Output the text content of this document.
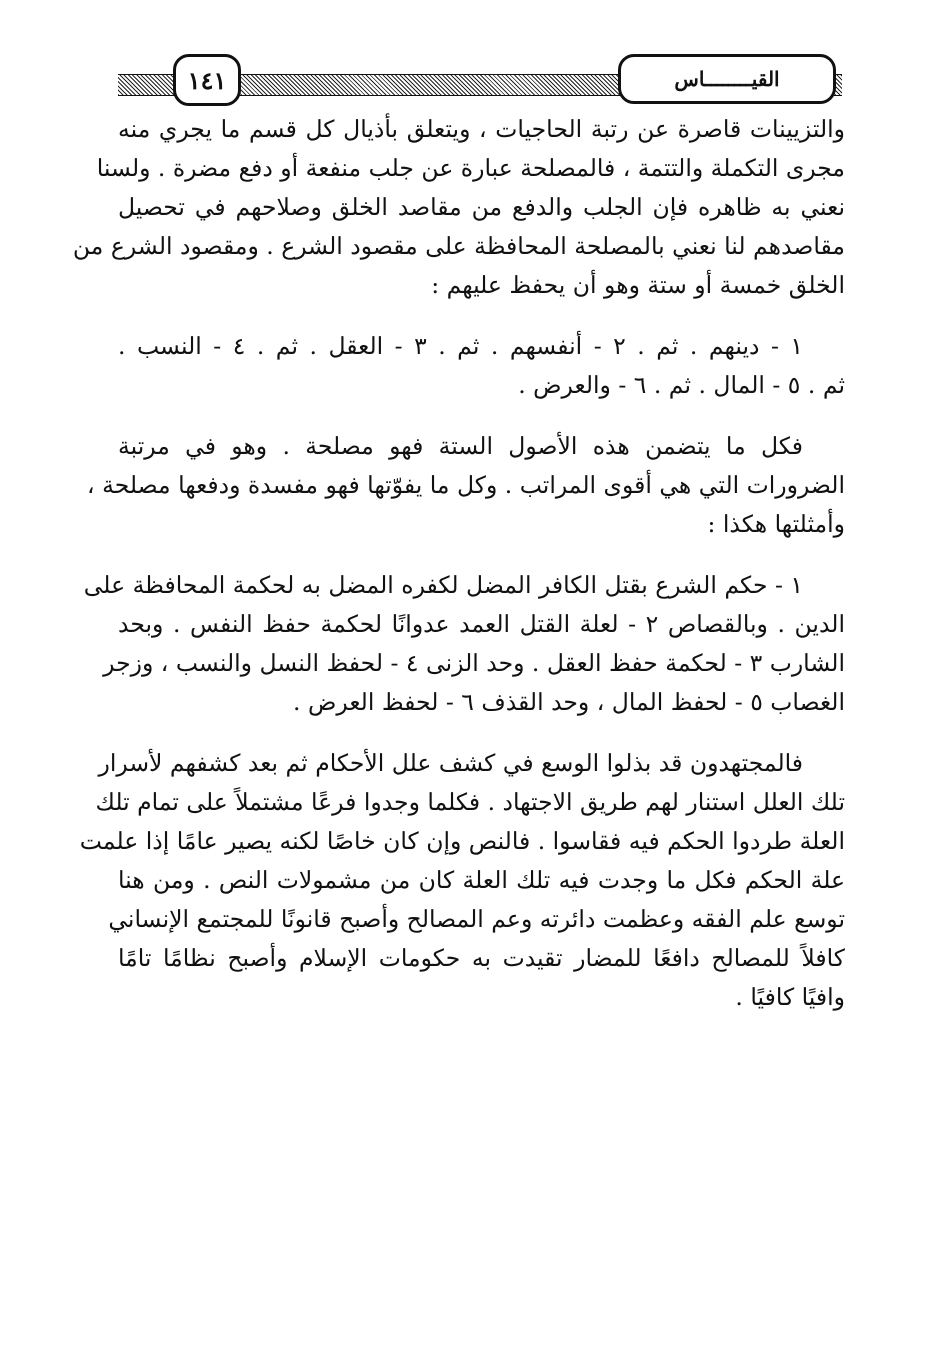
١٤١	القيــــــــاس
والتزيينات قاصرة عن رتبة الحاجيات ، ويتعلق بأذيال كل قسم ما يجري منه
مجرى التكملة والتتمة ، فالمصلحة عبارة عن جلب منفعة أو دفع مضرة . ولسنا
نعني به ظاهره فإن الجلب والدفع من مقاصد الخلق وصلاحهم في تحصيل
مقاصدهم لنا نعني بالمصلحة المحافظة على مقصود الشرع . ومقصود الشرع من
الخلق خمسة أو ستة وهو أن يحفظ عليهم :
١ - دينهم . ثم . ٢ - أنفسهم . ثم . ٣ - العقل . ثم . ٤ - النسب .
ثم . ٥ - المال . ثم . ٦ - والعرض .
فكل ما يتضمن هذه الأصول الستة فهو مصلحة . وهو في مرتبة
الضرورات التي هي أقوى المراتب . وكل ما يفوّتها فهو مفسدة ودفعها مصلحة ،
وأمثلتها هكذا :
١ - حكم الشرع بقتل الكافر المضل لكفره المضل به لحكمة المحافظة على
الدين . وبالقصاص ٢ - لعلة القتل العمد عدوانًا لحكمة حفظ النفس . وبحد
الشارب ٣ - لحكمة حفظ العقل . وحد الزنى ٤ - لحفظ النسل والنسب ، وزجر
الغصاب ٥ - لحفظ المال ، وحد القذف ٦ - لحفظ العرض .
فالمجتهدون قد بذلوا الوسع في كشف علل الأحكام ثم بعد كشفهم لأسرار
تلك العلل استنار لهم طريق الاجتهاد . فكلما وجدوا فرعًا مشتملاً على تمام تلك
العلة طردوا الحكم فيه فقاسوا . فالنص وإن كان خاصًا لكنه يصير عامًا إذا علمت
علة الحكم فكل ما وجدت فيه تلك العلة كان من مشمولات النص . ومن هنا
توسع علم الفقه وعظمت دائرته وعم المصالح وأصبح قانونًا للمجتمع الإنساني
كافلاً للمصالح دافعًا للمضار تقيدت به حكومات الإسلام وأصبح نظامًا تامًا
وافيًا كافيًا .
